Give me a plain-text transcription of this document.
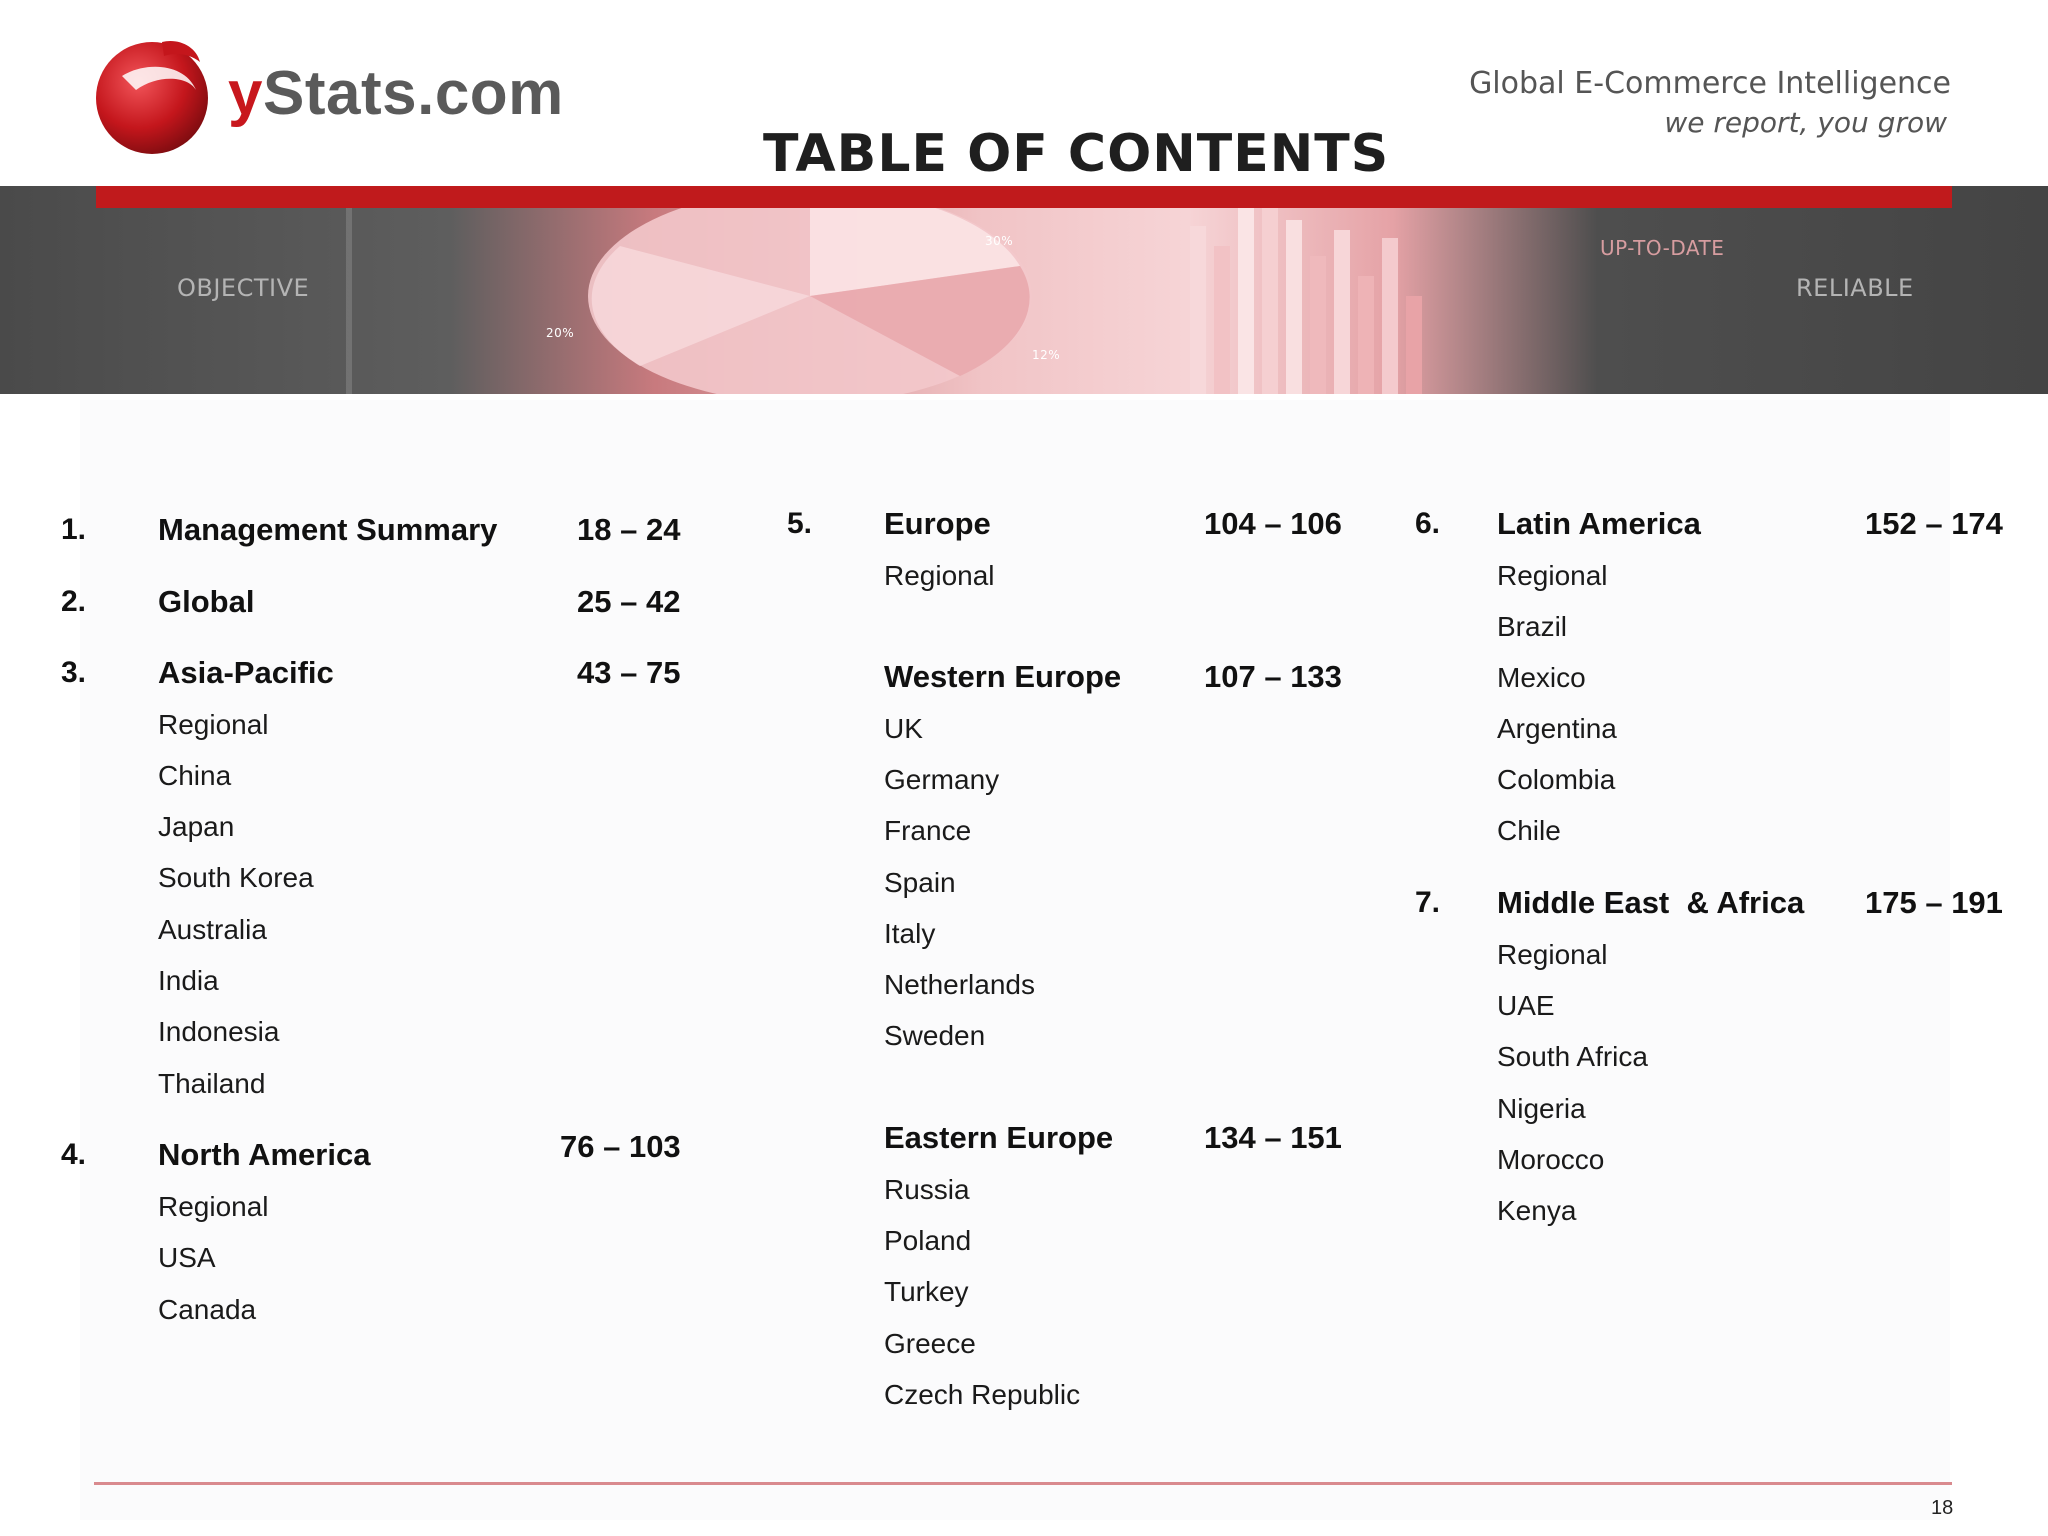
yStats.com	Global E-Commerce Intelligence
we report, you grow
OBJECTIVE
UP-TO-DATE
RELIABLE
20%
30%
12%
TABLE OF CONTENTS
1. Management Summary	18 – 24
2. Global	25 – 42
3. Asia-Pacific	43 – 75
Regional
China
Japan
South Korea
Australia
India
Indonesia
Thailand
4. North America	76 – 103
Regional
USA
Canada
5. Europe	104 – 106
Regional
Western Europe	107 – 133
UK
Germany
France
Spain
Italy
Netherlands
Sweden
Eastern Europe	134 – 151
Russia
Poland
Turkey
Greece
Czech Republic
6. Latin America	152 – 174
Regional
Brazil
Mexico
Argentina
Colombia
Chile
7. Middle East  & Africa 175 – 191
Regional
UAE
South Africa
Nigeria
Morocco
Kenya
18
